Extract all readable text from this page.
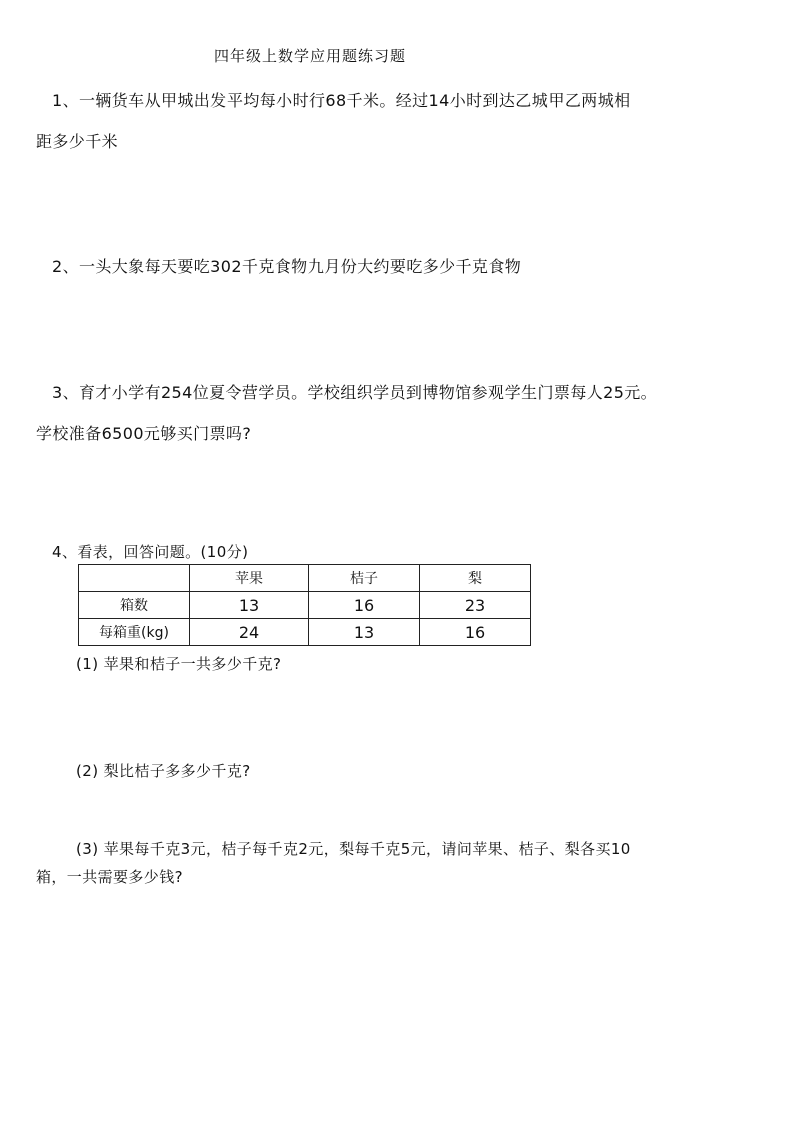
四年级上数学应用题练习题
1、一辆货车从甲城出发平均每小时行68千米。经过14小时到达乙城甲乙两城相
距多少千米
2、一头大象每天要吃302千克食物九月份大约要吃多少千克食物
3、育才小学有254位夏令营学员。学校组织学员到博物馆参观学生门票每人25元。
学校准备6500元够买门票吗?
4、看表，回答问题。(10分)
	苹果	桔子	梨
箱数	13	16	23
每箱重(kg)	24	13	16
(1) 苹果和桔子一共多少千克?
(2) 梨比桔子多多少千克?
(3) 苹果每千克3元，桔子每千克2元，梨每千克5元，请问苹果、桔子、梨各买10
箱，一共需要多少钱?
